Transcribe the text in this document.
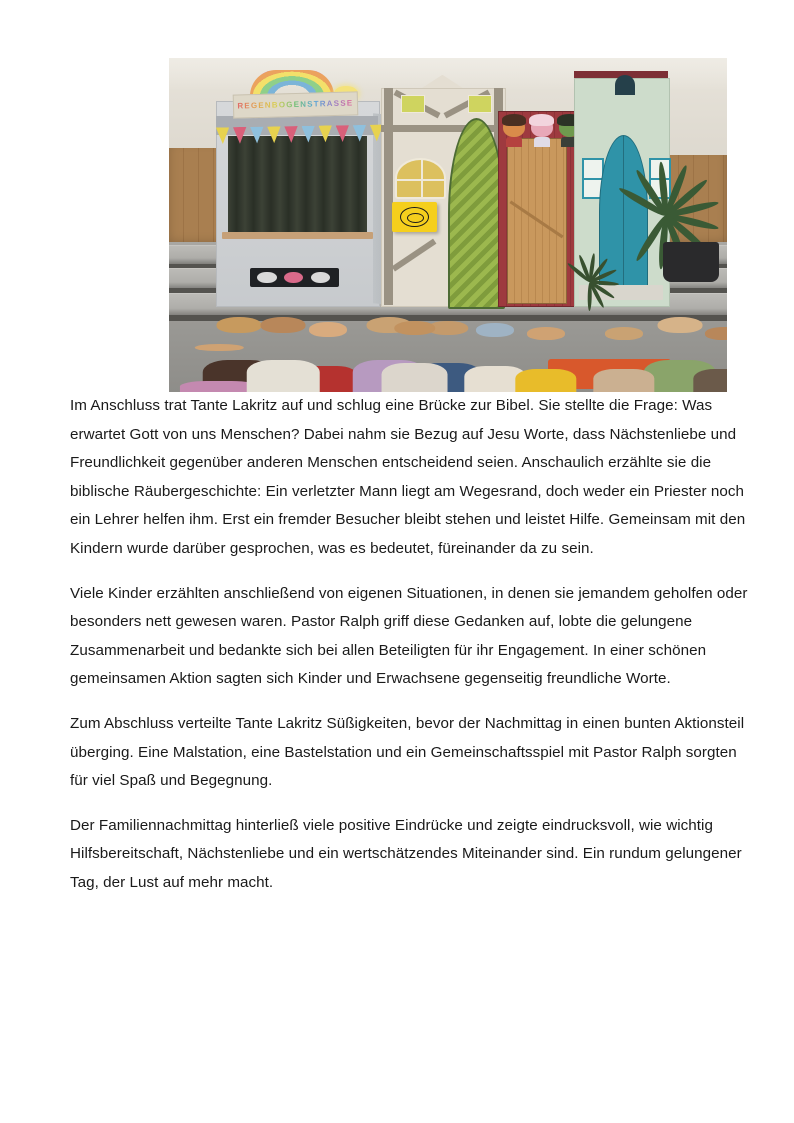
REGENBOGENSTRASSE

Im Anschluss trat Tante Lakritz auf und schlug eine Brücke zur Bibel. Sie stellte die Frage: Was erwartet Gott von uns Menschen? Dabei nahm sie Bezug auf Jesu Worte, dass Nächstenliebe und Freundlichkeit gegenüber anderen Menschen entscheidend seien. Anschaulich erzählte sie die biblische Räubergeschichte: Ein verletzter Mann liegt am Wegesrand, doch weder ein Priester noch ein Lehrer helfen ihm. Erst ein fremder Besucher bleibt stehen und leistet Hilfe. Gemeinsam mit den Kindern wurde darüber gesprochen, was es bedeutet, füreinander da zu sein.

Viele Kinder erzählten anschließend von eigenen Situationen, in denen sie jemandem geholfen oder besonders nett gewesen waren. Pastor Ralph griff diese Gedanken auf, lobte die gelungene Zusammenarbeit und bedankte sich bei allen Beteiligten für ihr Engagement. In einer schönen gemeinsamen Aktion sagten sich Kinder und Erwachsene gegenseitig freundliche Worte.

Zum Abschluss verteilte Tante Lakritz Süßigkeiten, bevor der Nachmittag in einen bunten Aktionsteil überging. Eine Malstation, eine Bastelstation und ein Gemeinschaftsspiel mit Pastor Ralph sorgten für viel Spaß und Begegnung.

Der Familiennachmittag hinterließ viele positive Eindrücke und zeigte eindrucksvoll, wie wichtig Hilfsbereitschaft, Nächstenliebe und ein wertschätzendes Miteinander sind. Ein rundum gelungener Tag, der Lust auf mehr macht.
